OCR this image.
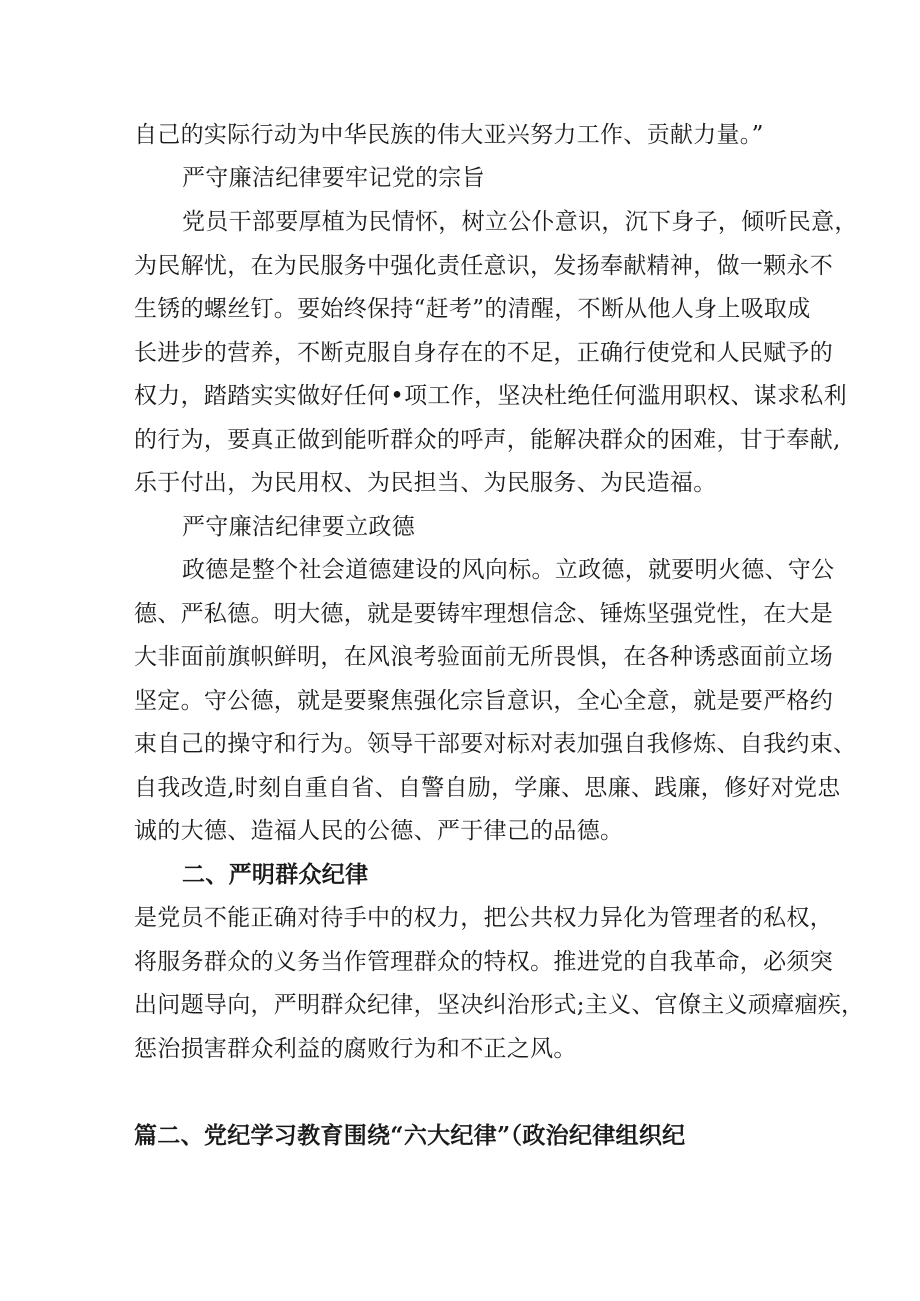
自己的实际行动为中华民族的伟大亚兴努力工作、贡献力量。”
严守廉洁纪律要牢记党的宗旨
党员干部要厚植为民情怀，树立公仆意识，沉下身子，倾听民意，
为民解忧，在为民服务中强化责任意识，发扬奉献精神，做一颗永不
生锈的螺丝钉。要始终保持“赶考”的清醒，不断从他人身上吸取成
长进步的营养，不断克服自身存在的不足，正确行使党和人民赋予的
权力，踏踏实实做好任何•项工作，坚决杜绝任何滥用职权、谋求私利
的行为，要真正做到能听群众的呼声，能解决群众的困难，甘于奉献,
乐于付出，为民用权、为民担当、为民服务、为民造福。
严守廉洁纪律要立政德
政德是整个社会道德建设的风向标。立政德，就要明火德、守公
德、严私德。明大德，就是要铸牢理想信念、锤炼坚强党性，在大是
大非面前旗帜鲜明，在风浪考验面前无所畏惧，在各种诱惑面前立场
坚定。守公德，就是要聚焦强化宗旨意识，全心全意，就是要严格约
束自己的操守和行为。领导干部要对标对表加强自我修炼、自我约束、
自我改造,时刻自重自省、自警自励，学廉、思廉、践廉，修好对党忠
诚的大德、造福人民的公德、严于律己的品德。
二、严明群众纪律
是党员不能正确对待手中的权力，把公共权力异化为管理者的私权，
将服务群众的义务当作管理群众的特权。推进党的自我革命，必须突
出问题导向，严明群众纪律，坚决纠治形式;主义、官僚主义顽瘴痼疾，
惩治损害群众利益的腐败行为和不正之风。
篇二、党纪学习教育围绕“六大纪律”（政治纪律组织纪
